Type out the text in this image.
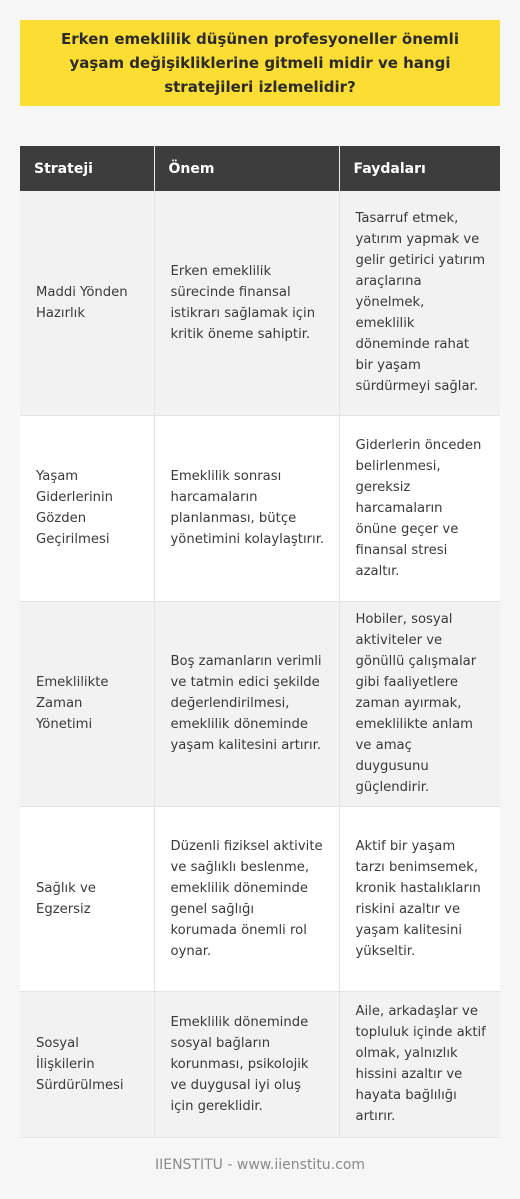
Erken emeklilik düşünen profesyoneller önemli yaşam değişikliklerine gitmeli midir ve hangi stratejileri izlemelidir?
Strateji	Önem	Faydaları
Maddi Yönden Hazırlık	Erken emeklilik sürecinde finansal istikrarı sağlamak için kritik öneme sahiptir.	Tasarruf etmek, yatırım yapmak ve gelir getirici yatırım araçlarına yönelmek, emeklilik döneminde rahat bir yaşam sürdürmeyi sağlar.
Yaşam Giderlerinin Gözden Geçirilmesi	Emeklilik sonrası harcamaların planlanması, bütçe yönetimini kolaylaştırır.	Giderlerin önceden belirlenmesi, gereksiz harcamaların önüne geçer ve finansal stresi azaltır.
Emeklilikte Zaman Yönetimi	Boş zamanların verimli ve tatmin edici şekilde değerlendirilmesi, emeklilik döneminde yaşam kalitesini artırır.	Hobiler, sosyal aktiviteler ve gönüllü çalışmalar gibi faaliyetlere zaman ayırmak, emeklilikte anlam ve amaç duygusunu güçlendirir.
Sağlık ve Egzersiz	Düzenli fiziksel aktivite ve sağlıklı beslenme, emeklilik döneminde genel sağlığı korumada önemli rol oynar.	Aktif bir yaşam tarzı benimsemek, kronik hastalıkların riskini azaltır ve yaşam kalitesini yükseltir.
Sosyal İlişkilerin Sürdürülmesi	Emeklilik döneminde sosyal bağların korunması, psikolojik ve duygusal iyi oluş için gereklidir.	Aile, arkadaşlar ve topluluk içinde aktif olmak, yalnızlık hissini azaltır ve hayata bağlılığı artırır.
IIENSTITU - www.iienstitu.com
